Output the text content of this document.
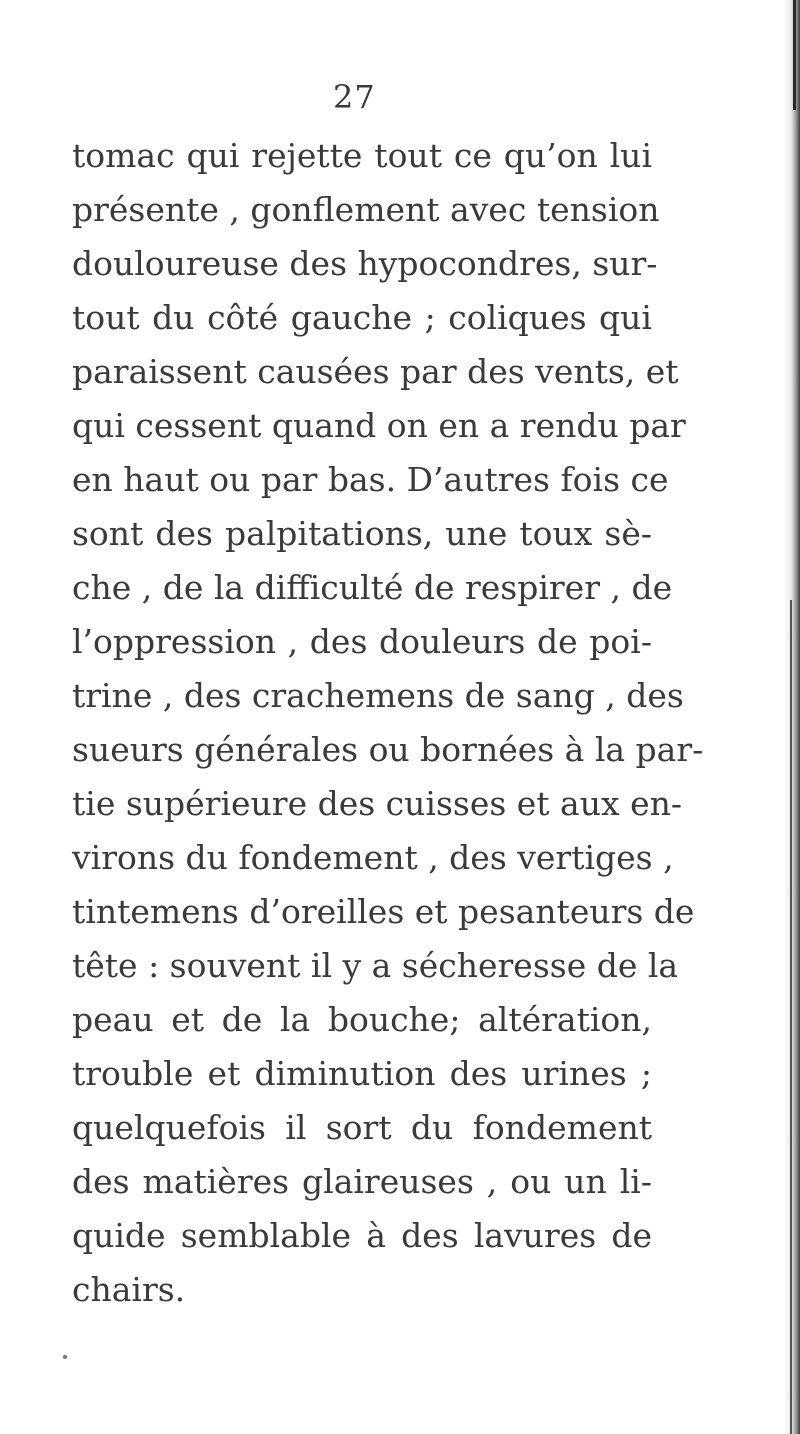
27
tomac qui rejette tout ce qu’on lui
présente , gonflement avec tension
douloureuse des hypocondres, sur-
tout du côté gauche ; coliques qui
paraissent causées par des vents, et
qui cessent quand on en a rendu par
en haut ou par bas. D’autres fois ce
sont des palpitations, une toux sè-
che , de la difficulté de respirer , de
l’oppression , des douleurs de poi-
trine , des crachemens de sang , des
sueurs générales ou bornées à la par-
tie supérieure des cuisses et aux en-
virons du fondement , des vertiges ,
tintemens d’oreilles et pesanteurs de
tête : souvent il y a sécheresse de la
peau et de la bouche; altération,
trouble et diminution des urines ;
quelquefois il sort du fondement
des matières glaireuses , ou un li-
quide semblable à des lavures de
chairs.
